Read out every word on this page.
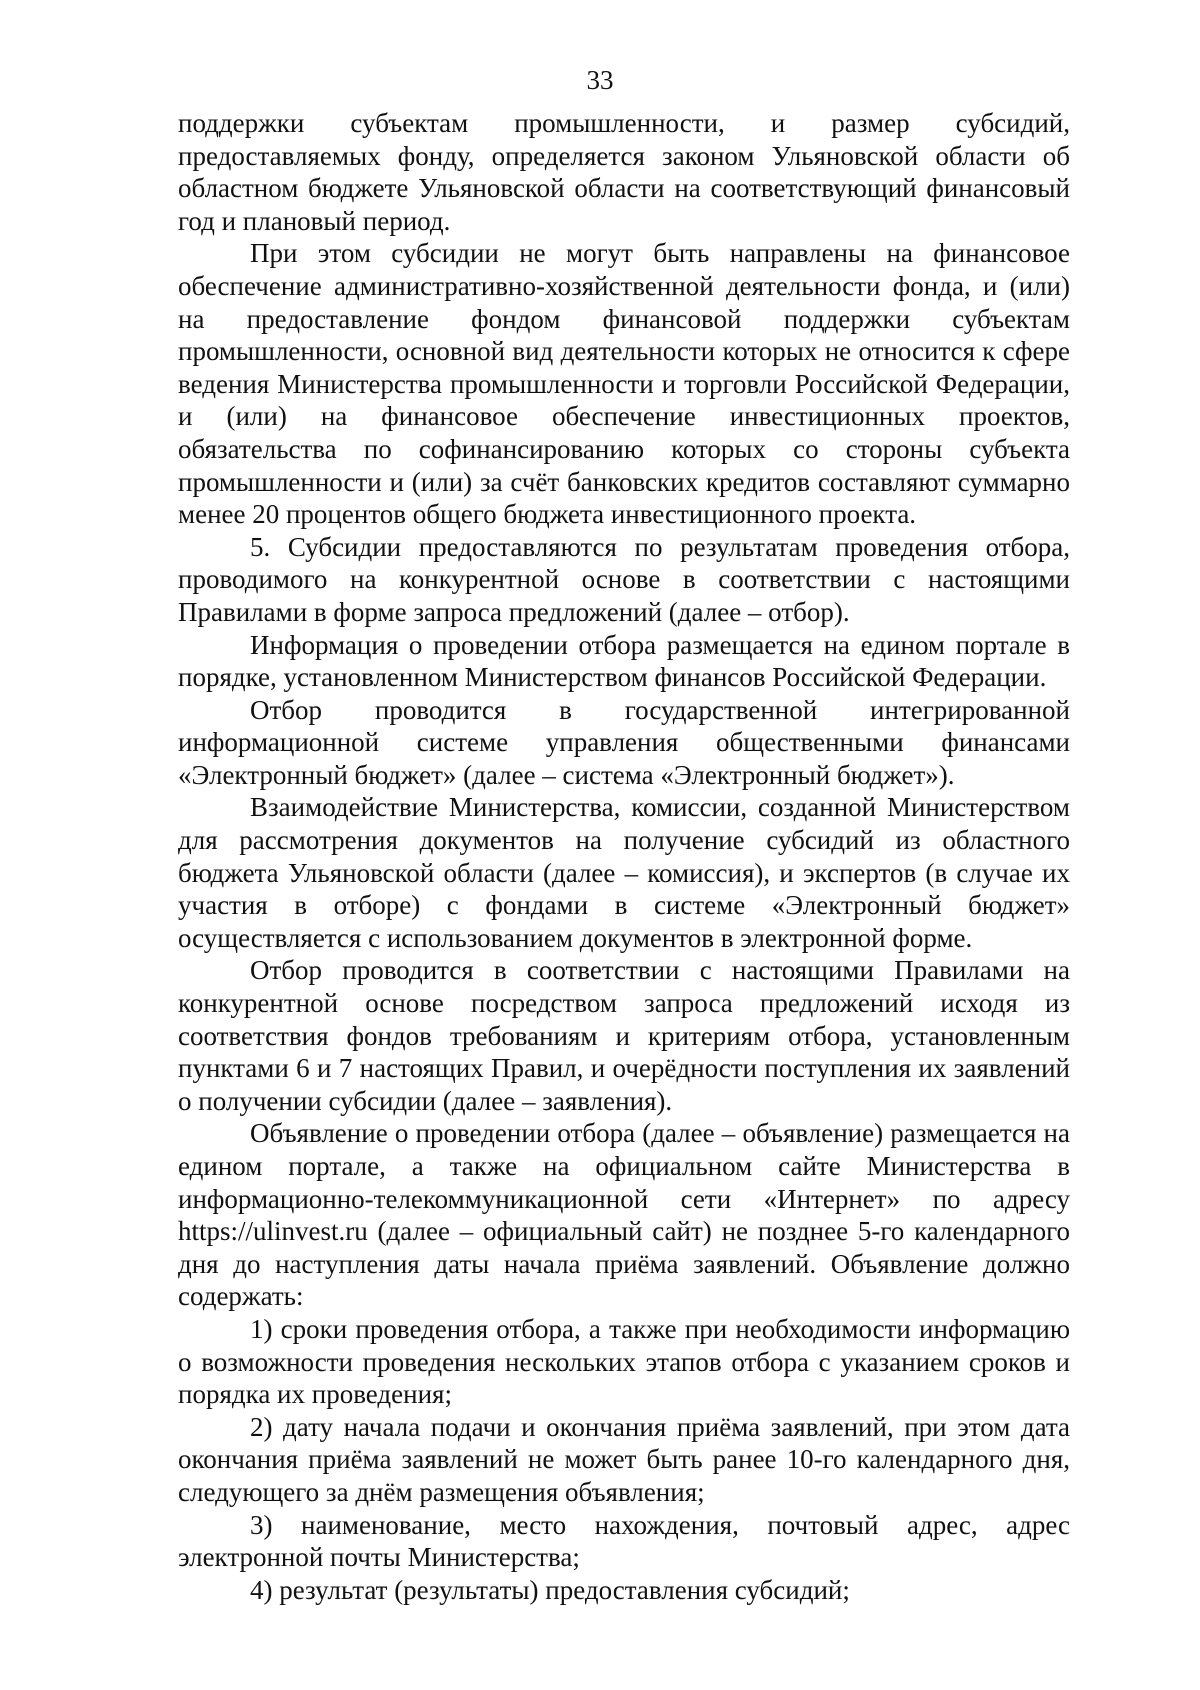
33

поддержки субъектам промышленности, и размер субсидий, предоставляемых фонду, определяется законом Ульяновской области об областном бюджете Ульяновской области на соответствующий финансовый год и плановый период.

При этом субсидии не могут быть направлены на финансовое обеспечение административно-хозяйственной деятельности фонда, и (или) на предоставление фондом финансовой поддержки субъектам промышленности, основной вид деятельности которых не относится к сфере ведения Министерства промышленности и торговли Российской Федерации, и (или) на финансовое обеспечение инвестиционных проектов, обязательства по софинансированию которых со стороны субъекта промышленности и (или) за счёт банковских кредитов составляют суммарно менее 20 процентов общего бюджета инвестиционного проекта.

5. Субсидии предоставляются по результатам проведения отбора, проводимого на конкурентной основе в соответствии с настоящими Правилами в форме запроса предложений (далее – отбор).

Информация о проведении отбора размещается на едином портале в порядке, установленном Министерством финансов Российской Федерации.

Отбор проводится в государственной интегрированной информационной системе управления общественными финансами «Электронный бюджет» (далее – система «Электронный бюджет»).

Взаимодействие Министерства, комиссии, созданной Министерством для рассмотрения документов на получение субсидий из областного бюджета Ульяновской области (далее – комиссия), и экспертов (в случае их участия в отборе) с фондами в системе «Электронный бюджет» осуществляется с использованием документов в электронной форме.

Отбор проводится в соответствии с настоящими Правилами на конкурентной основе посредством запроса предложений исходя из соответствия фондов требованиям и критериям отбора, установленным пунктами 6 и 7 настоящих Правил, и очерёдности поступления их заявлений о получении субсидии (далее – заявления).

Объявление о проведении отбора (далее – объявление) размещается на едином портале, а также на официальном сайте Министерства в информационно-телекоммуникационной сети «Интернет» по адресу https://ulinvest.ru (далее – официальный сайт) не позднее 5-го календарного дня до наступления даты начала приёма заявлений. Объявление должно содержать:

1) сроки проведения отбора, а также при необходимости информацию о возможности проведения нескольких этапов отбора с указанием сроков и порядка их проведения;

2) дату начала подачи и окончания приёма заявлений, при этом дата окончания приёма заявлений не может быть ранее 10-го календарного дня, следующего за днём размещения объявления;

3) наименование, место нахождения, почтовый адрес, адрес электронной почты Министерства;

4) результат (результаты) предоставления субсидий;
